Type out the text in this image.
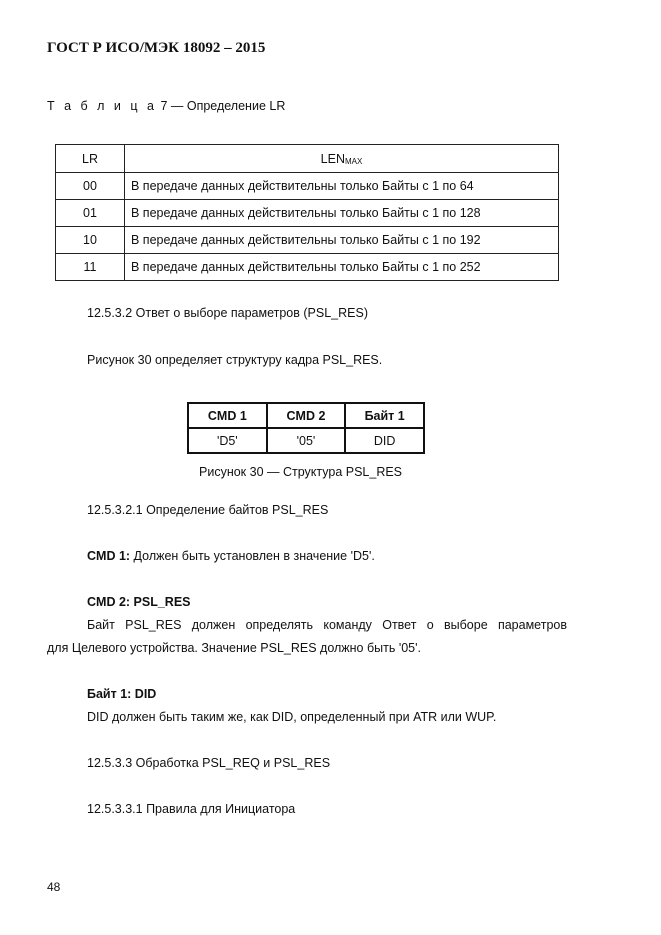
ГОСТ Р ИСО/МЭК 18092 – 2015
Т а б л и ц а 7 — Определение LR
LR	$LEN_{MAX}$
00	В передаче данных действительны только Байты с 1 по 64
01	В передаче данных действительны только Байты с 1 по 128
10	В передаче данных действительны только Байты с 1 по 192
11	В передаче данных действительны только Байты с 1 по 252
12.5.3.2 Ответ о выборе параметров (PSL_RES)
Рисунок 30 определяет структуру кадра PSL_RES.
CMD 1	CMD 2	Байт 1
'D5'	'05'	DID
Рисунок 30 — Структура PSL_RES
12.5.3.2.1 Определение байтов PSL_RES
CMD 1: Должен быть установлен в значение 'D5'.
CMD 2: PSL_RES
Байт PSL_RES должен определять команду Ответ о выборе параметров
для Целевого устройства. Значение PSL_RES должно быть '05'.
Байт 1: DID
DID должен быть таким же, как DID, определенный при ATR или WUP.
12.5.3.3 Обработка PSL_REQ и PSL_RES
12.5.3.3.1 Правила для Инициатора
48
